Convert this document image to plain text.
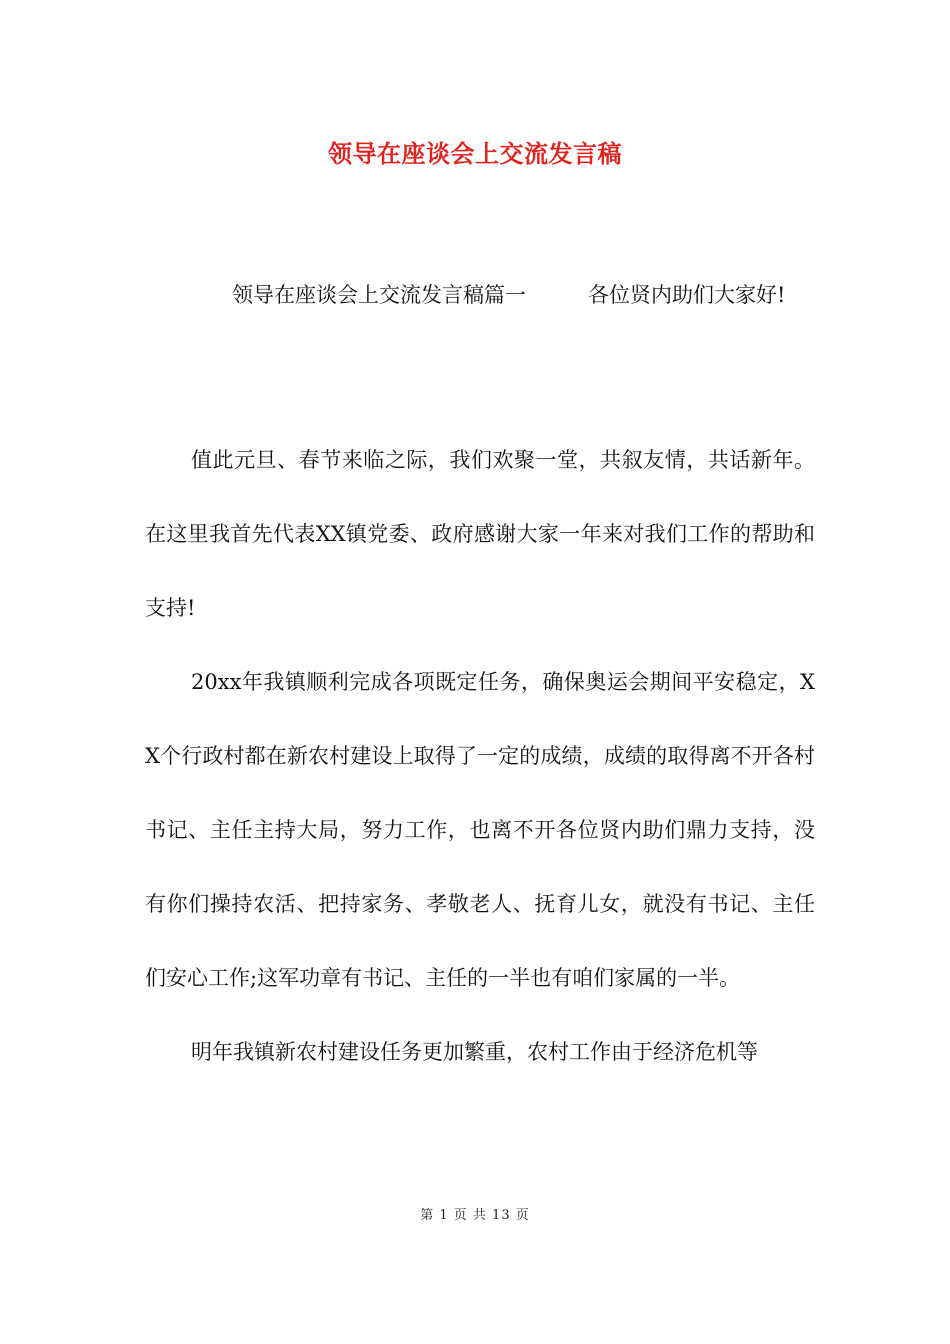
领导在座谈会上交流发言稿
领导在座谈会上交流发言稿篇一	各位贤内助们大家好!

值此元旦、春节来临之际，我们欢聚一堂，共叙友情，共话新年。在这里我首先代表XX镇党委、政府感谢大家一年来对我们工作的帮助和支持!

20xx年我镇顺利完成各项既定任务，确保奥运会期间平安稳定，XX个行政村都在新农村建设上取得了一定的成绩，成绩的取得离不开各村书记、主任主持大局，努力工作，也离不开各位贤内助们鼎力支持，没有你们操持农活、把持家务、孝敬老人、抚育儿女，就没有书记、主任们安心工作;这军功章有书记、主任的一半也有咱们家属的一半。

明年我镇新农村建设任务更加繁重，农村工作由于经济危机等

第 1 页 共 13 页
